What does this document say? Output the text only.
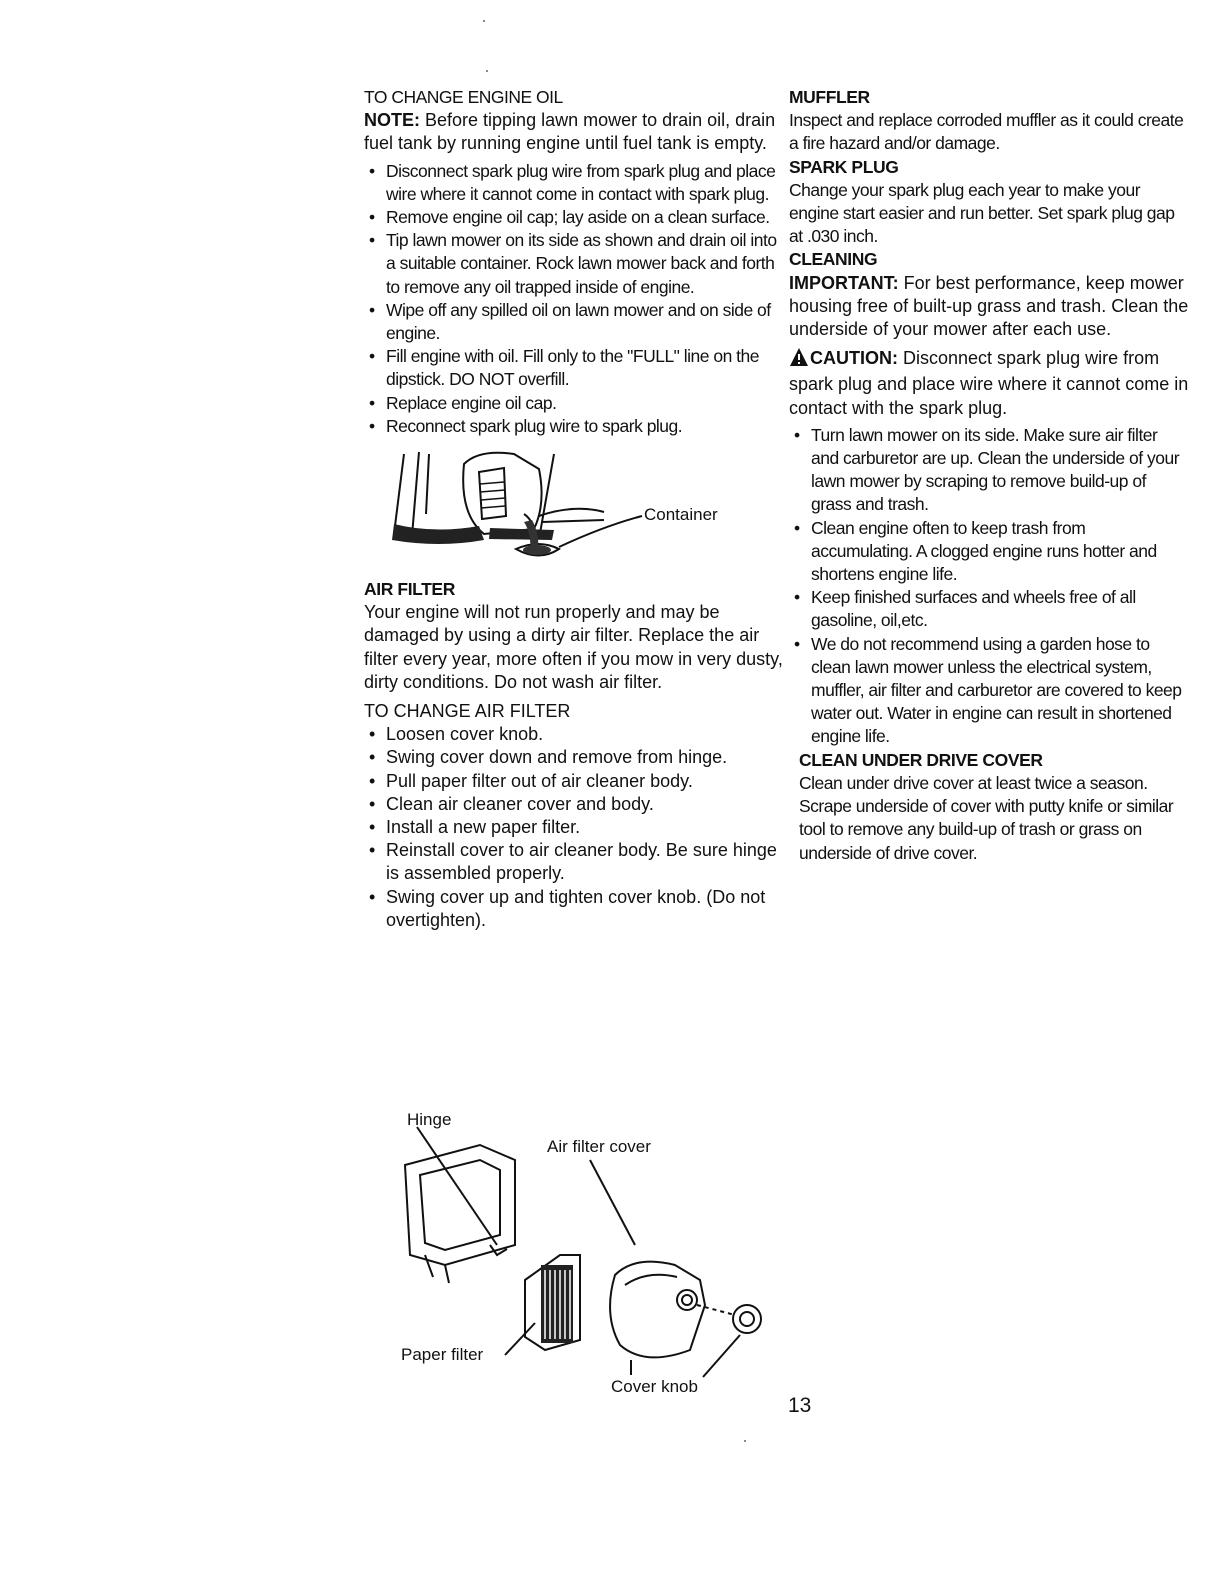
TO CHANGE ENGINE OIL

NOTE: Before tipping lawn mower to drain oil, drain fuel tank by running engine until fuel tank is empty.

• Disconnect spark plug wire from spark plug and place wire where it cannot come in contact with spark plug.
• Remove engine oil cap; lay aside on a clean surface.
• Tip lawn mower on its side as shown and drain oil into a suitable container. Rock lawn mower back and forth to remove any oil trapped inside of engine.
• Wipe off any spilled oil on lawn mower and on side of engine.
• Fill engine with oil. Fill only to the "FULL" line on the dipstick. DO NOT overfill.
• Replace engine oil cap.
• Reconnect spark plug wire to spark plug.
Container

AIR FILTER

Your engine will not run properly and may be damaged by using a dirty air filter. Replace the air filter every year, more often if you mow in very dusty, dirty conditions. Do not wash air filter.

TO CHANGE AIR FILTER

• Loosen cover knob.
• Swing cover down and remove from hinge.
• Pull paper filter out of air cleaner body.
• Clean air cleaner cover and body.
• Install a new paper filter.
• Reinstall cover to air cleaner body. Be sure hinge is assembled properly.
• Swing cover up and tighten cover knob. (Do not overtighten).
Hinge
Air filter cover
Paper filter
Cover knob

MUFFLER

Inspect and replace corroded muffler as it could create a fire hazard and/or damage.

SPARK PLUG

Change your spark plug each year to make your engine start easier and run better. Set spark plug gap at .030 inch.

CLEANING

IMPORTANT: For best performance, keep mower housing free of built-up grass and trash. Clean the underside of your mower after each use.

CAUTION: Disconnect spark plug wire from spark plug and place wire where it cannot come in contact with the spark plug.

• Turn lawn mower on its side. Make sure air filter and carburetor are up. Clean the underside of your lawn mower by scraping to remove build-up of grass and trash.
• Clean engine often to keep trash from accumulating. A clogged engine runs hotter and shortens engine life.
• Keep finished surfaces and wheels free of all gasoline, oil,etc.
• We do not recommend using a garden hose to clean lawn mower unless the electrical system, muffler, air filter and carburetor are covered to keep water out. Water in engine can result in shortened engine life.

CLEAN UNDER DRIVE COVER

Clean under drive cover at least twice a season. Scrape underside of cover with putty knife or similar tool to remove any build-up of trash or grass on underside of drive cover.

13
